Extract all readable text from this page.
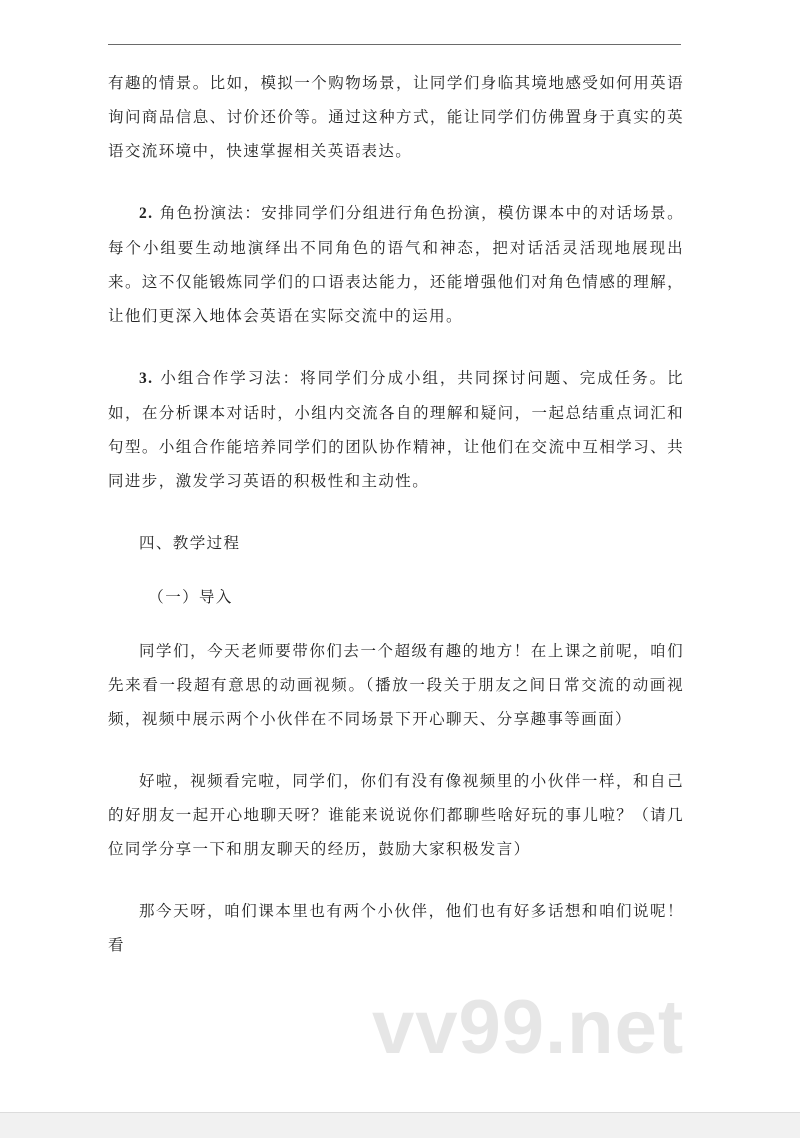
有趣的情景。比如，模拟一个购物场景，让同学们身临其境地感受如何用英语询问商品信息、讨价还价等。通过这种方式，能让同学们仿佛置身于真实的英语交流环境中，快速掌握相关英语表达。

2. 角色扮演法：安排同学们分组进行角色扮演，模仿课本中的对话场景。每个小组要生动地演绎出不同角色的语气和神态，把对话活灵活现地展现出来。这不仅能锻炼同学们的口语表达能力，还能增强他们对角色情感的理解，让他们更深入地体会英语在实际交流中的运用。

3. 小组合作学习法：将同学们分成小组，共同探讨问题、完成任务。比如，在分析课本对话时，小组内交流各自的理解和疑问，一起总结重点词汇和句型。小组合作能培养同学们的团队协作精神，让他们在交流中互相学习、共同进步，激发学习英语的积极性和主动性。

四、教学过程
（一）导入

同学们，今天老师要带你们去一个超级有趣的地方！在上课之前呢，咱们先来看一段超有意思的动画视频。（播放一段关于朋友之间日常交流的动画视频，视频中展示两个小伙伴在不同场景下开心聊天、分享趣事等画面）

好啦，视频看完啦，同学们，你们有没有像视频里的小伙伴一样，和自己的好朋友一起开心地聊天呀？谁能来说说你们都聊些啥好玩的事儿啦？（请几位同学分享一下和朋友聊天的经历，鼓励大家积极发言）

那今天呀，咱们课本里也有两个小伙伴，他们也有好多话想和咱们说呢！看

vv99.net
